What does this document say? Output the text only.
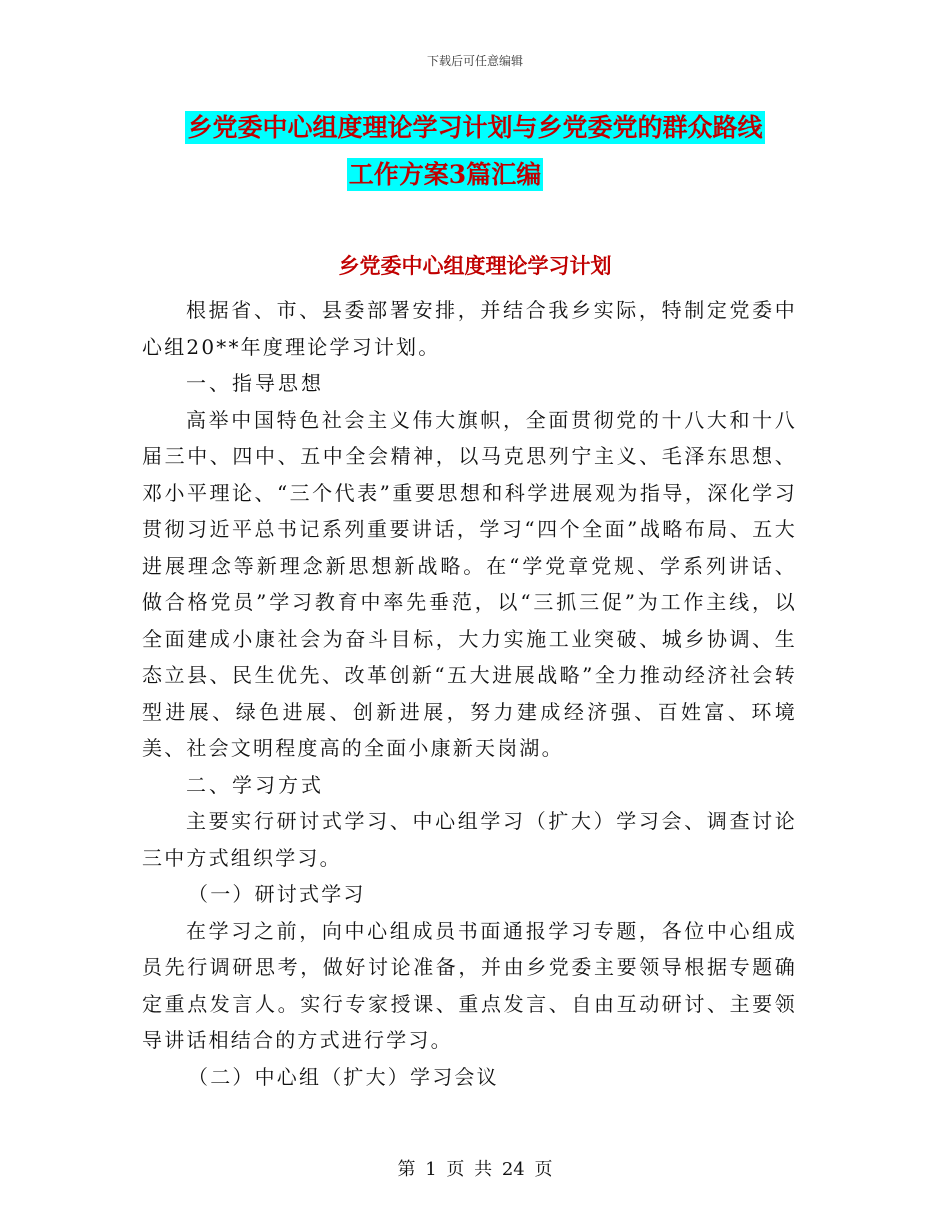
下载后可任意编辑
乡党委中心组度理论学习计划与乡党委党的群众路线
工作方案3篇汇编
乡党委中心组度理论学习计划

根据省、市、县委部署安排，并结合我乡实际，特制定党委中心组20**年度理论学习计划。

一、指导思想

高举中国特色社会主义伟大旗帜，全面贯彻党的十八大和十八届三中、四中、五中全会精神，以马克思列宁主义、毛泽东思想、邓小平理论、“三个代表”重要思想和科学进展观为指导，深化学习贯彻习近平总书记系列重要讲话，学习“四个全面”战略布局、五大进展理念等新理念新思想新战略。在“学党章党规、学系列讲话、做合格党员”学习教育中率先垂范，以“三抓三促”为工作主线，以全面建成小康社会为奋斗目标，大力实施工业突破、城乡协调、生态立县、民生优先、改革创新“五大进展战略”全力推动经济社会转型进展、绿色进展、创新进展，努力建成经济强、百姓富、环境美、社会文明程度高的全面小康新天岗湖。

二、学习方式

主要实行研讨式学习、中心组学习（扩大）学习会、调查讨论三中方式组织学习。

（一）研讨式学习

在学习之前，向中心组成员书面通报学习专题，各位中心组成员先行调研思考，做好讨论准备，并由乡党委主要领导根据专题确定重点发言人。实行专家授课、重点发言、自由互动研讨、主要领导讲话相结合的方式进行学习。

（二）中心组（扩大）学习会议

第 1 页 共 24 页
